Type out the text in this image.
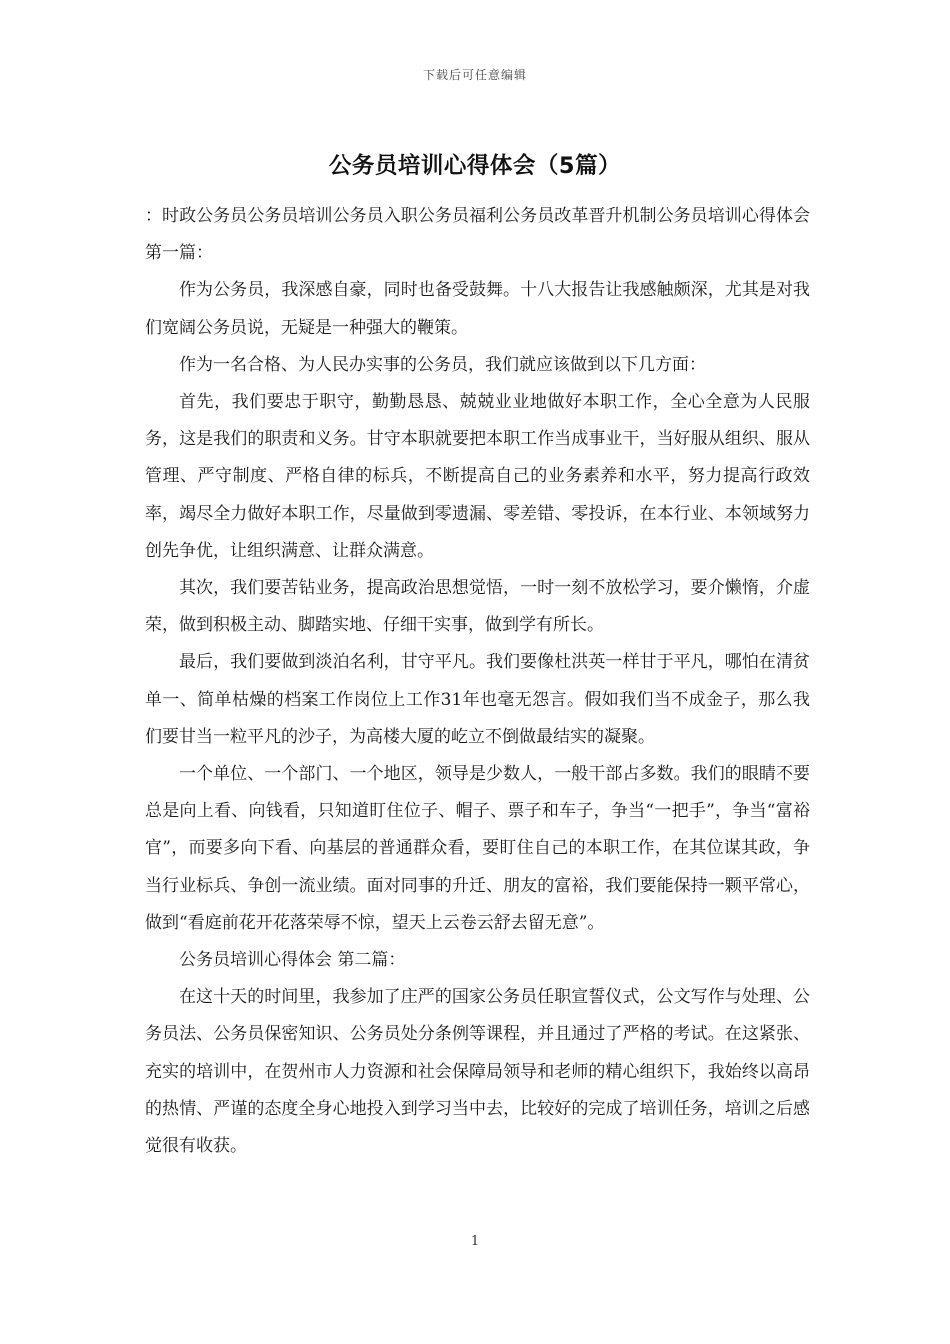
下载后可任意编辑
公务员培训心得体会（5篇）

：时政公务员公务员培训公务员入职公务员福利公务员改革晋升机制公务员培训心得体会 第一篇：

作为公务员，我深感自豪，同时也备受鼓舞。十八大报告让我感触颇深，尤其是对我们宽阔公务员说，无疑是一种强大的鞭策。

作为一名合格、为人民办实事的公务员，我们就应该做到以下几方面：

首先，我们要忠于职守，勤勤恳恳、兢兢业业地做好本职工作，全心全意为人民服务，这是我们的职责和义务。甘守本职就要把本职工作当成事业干，当好服从组织、服从管理、严守制度、严格自律的标兵，不断提高自己的业务素养和水平，努力提高行政效率，竭尽全力做好本职工作，尽量做到零遗漏、零差错、零投诉，在本行业、本领域努力创先争优，让组织满意、让群众满意。

其次，我们要苦钻业务，提高政治思想觉悟，一时一刻不放松学习，要介懒惰，介虚荣，做到积极主动、脚踏实地、仔细干实事，做到学有所长。

最后，我们要做到淡泊名利，甘守平凡。我们要像杜洪英一样甘于平凡，哪怕在清贫单一、简单枯燥的档案工作岗位上工作31年也毫无怨言。假如我们当不成金子，那么我们要甘当一粒平凡的沙子，为高楼大厦的屹立不倒做最结实的凝聚。

一个单位、一个部门、一个地区，领导是少数人，一般干部占多数。我们的眼睛不要总是向上看、向钱看，只知道盯住位子、帽子、票子和车子，争当“一把手”，争当“富裕官”，而要多向下看、向基层的普通群众看，要盯住自己的本职工作，在其位谋其政，争当行业标兵、争创一流业绩。面对同事的升迁、朋友的富裕，我们要能保持一颗平常心，做到“看庭前花开花落荣辱不惊，望天上云卷云舒去留无意”。

公务员培训心得体会 第二篇：

在这十天的时间里，我参加了庄严的国家公务员任职宣誓仪式，公文写作与处理、公务员法、公务员保密知识、公务员处分条例等课程，并且通过了严格的考试。在这紧张、充实的培训中，在贺州市人力资源和社会保障局领导和老师的精心组织下，我始终以高昂的热情、严谨的态度全身心地投入到学习当中去，比较好的完成了培训任务，培训之后感觉很有收获。

1
